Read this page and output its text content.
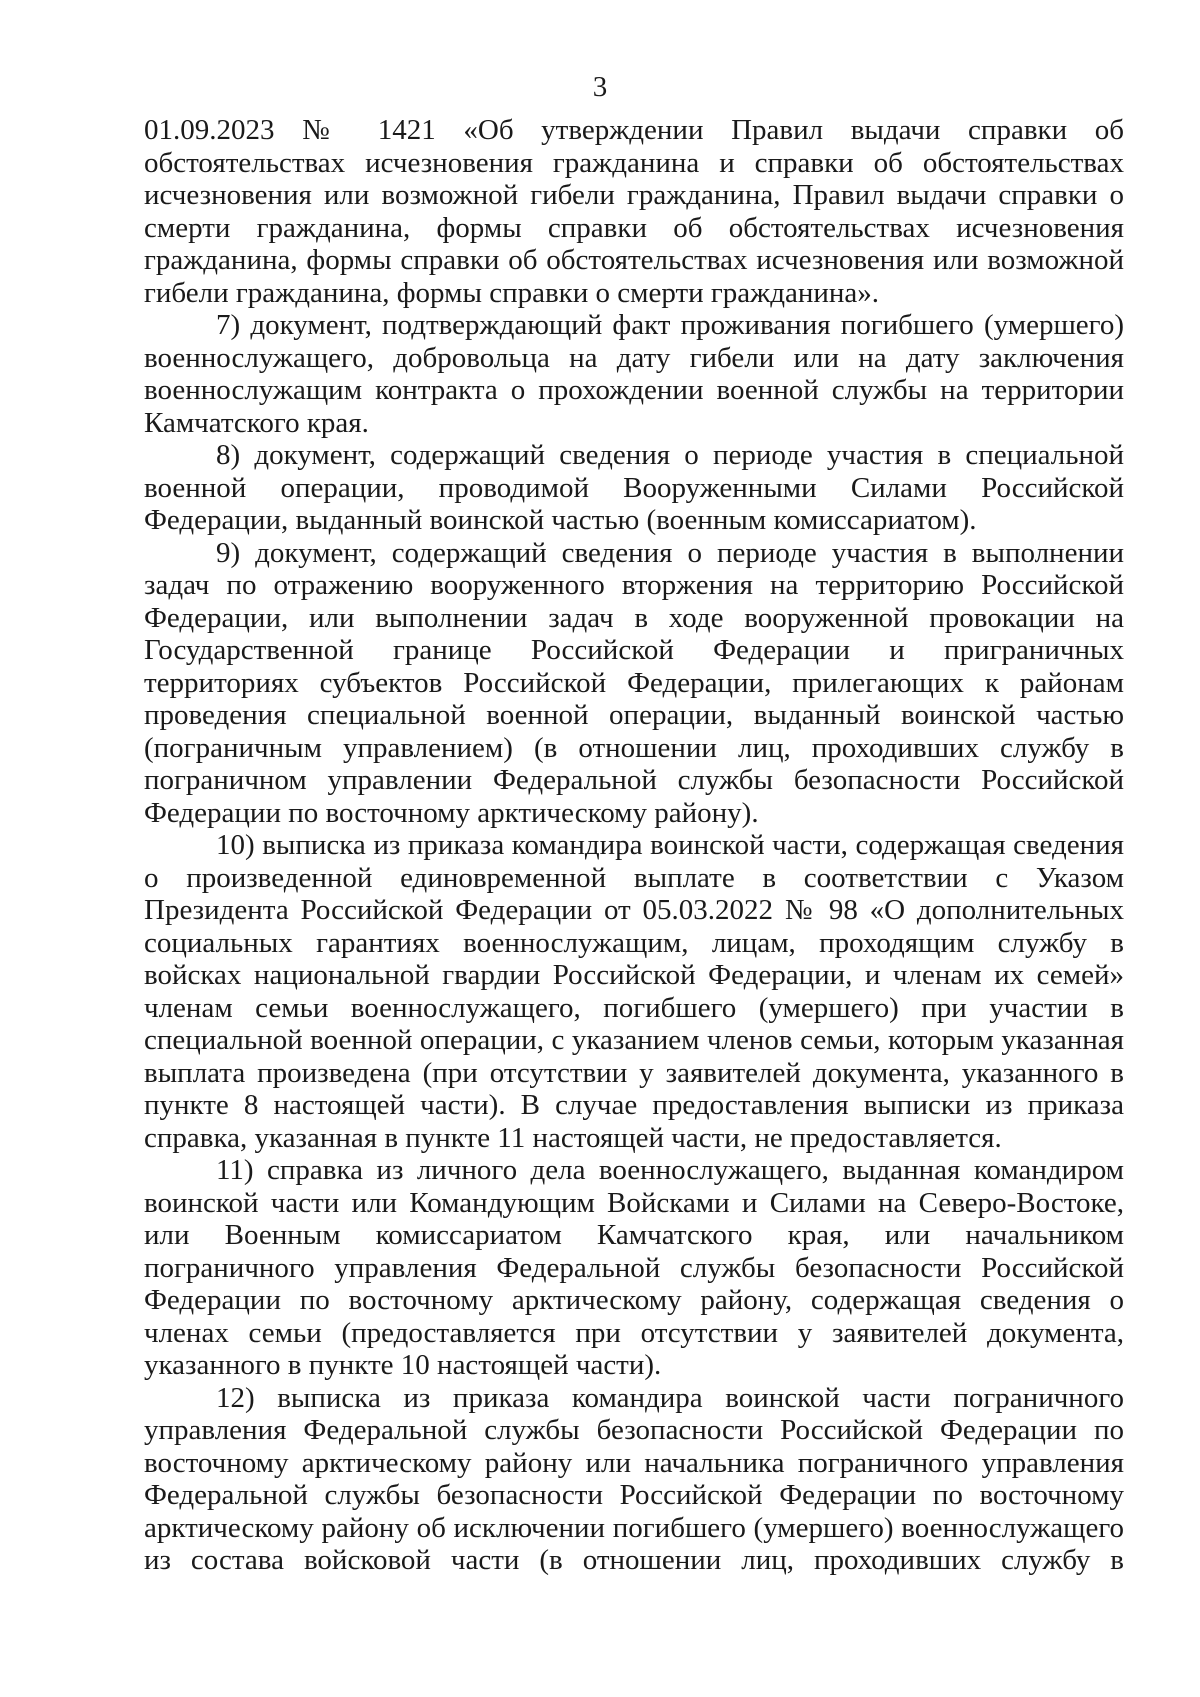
3

01.09.2023 № 1421 «Об утверждении Правил выдачи справки об обстоятельствах исчезновения гражданина и справки об обстоятельствах исчезновения или возможной гибели гражданина, Правил выдачи справки о смерти гражданина, формы справки об обстоятельствах исчезновения гражданина, формы справки об обстоятельствах исчезновения или возможной гибели гражданина, формы справки о смерти гражданина».

7) документ, подтверждающий факт проживания погибшего (умершего) военнослужащего, добровольца на дату гибели или на дату заключения военнослужащим контракта о прохождении военной службы на территории Камчатского края.

8) документ, содержащий сведения о периоде участия в специальной военной операции, проводимой Вооруженными Силами Российской Федерации, выданный воинской частью (военным комиссариатом).

9) документ, содержащий сведения о периоде участия в выполнении задач по отражению вооруженного вторжения на территорию Российской Федерации, или выполнении задач в ходе вооруженной провокации на Государственной границе Российской Федерации и приграничных территориях субъектов Российской Федерации, прилегающих к районам проведения специальной военной операции, выданный воинской частью (пограничным управлением) (в отношении лиц, проходивших службу в пограничном управлении Федеральной службы безопасности Российской Федерации по восточному арктическому району).

10) выписка из приказа командира воинской части, содержащая сведения о произведенной единовременной выплате в соответствии с Указом Президента Российской Федерации от 05.03.2022 № 98 «О дополнительных социальных гарантиях военнослужащим, лицам, проходящим службу в войсках национальной гвардии Российской Федерации, и членам их семей» членам семьи военнослужащего, погибшего (умершего) при участии в специальной военной операции, с указанием членов семьи, которым указанная выплата произведена (при отсутствии у заявителей документа, указанного в пункте 8 настоящей части). В случае предоставления выписки из приказа справка, указанная в пункте 11 настоящей части, не предоставляется.

11) справка из личного дела военнослужащего, выданная командиром воинской части или Командующим Войсками и Силами на Северо-Востоке, или Военным комиссариатом Камчатского края, или начальником пограничного управления Федеральной службы безопасности Российской Федерации по восточному арктическому району, содержащая сведения о членах семьи (предоставляется при отсутствии у заявителей документа, указанного в пункте 10 настоящей части).

12) выписка из приказа командира воинской части пограничного управления Федеральной службы безопасности Российской Федерации по восточному арктическому району или начальника пограничного управления Федеральной службы безопасности Российской Федерации по восточному арктическому району об исключении погибшего (умершего) военнослужащего из состава войсковой части (в отношении лиц, проходивших службу в
